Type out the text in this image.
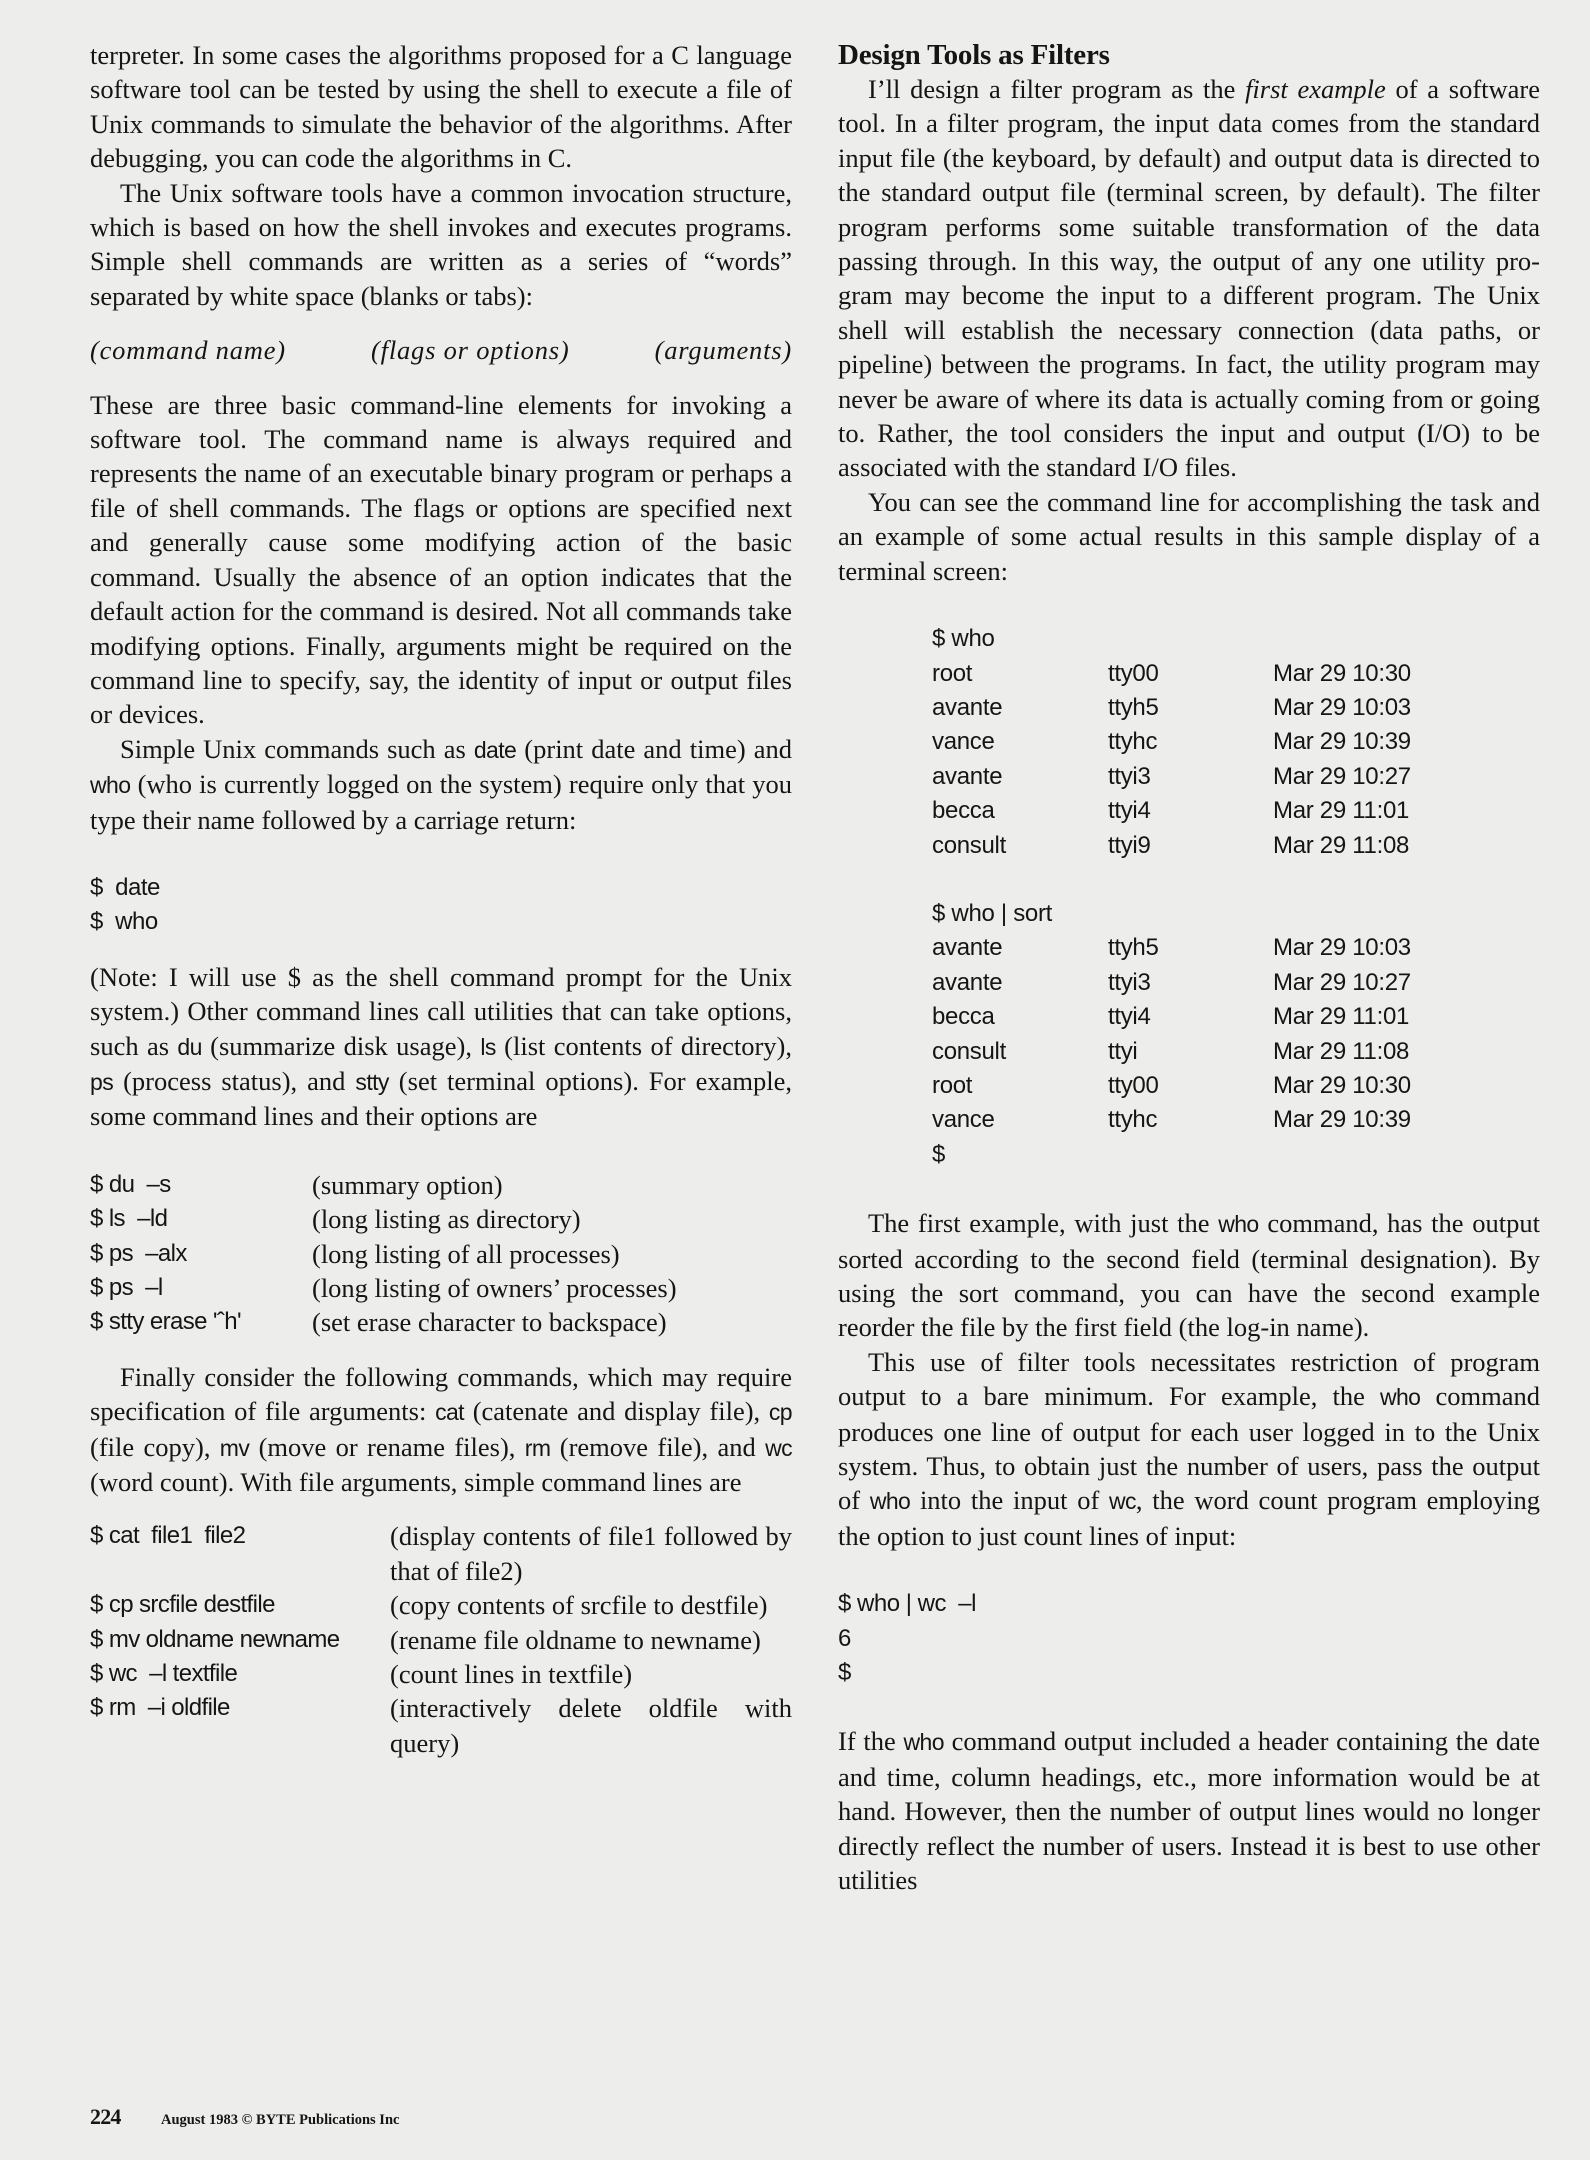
terpreter. In some cases the algorithms proposed for a C language software tool can be tested by using the shell to execute a file of Unix commands to simulate the behavior of the algorithms. After debugging, you can code the algorithms in C.

The Unix software tools have a common invocation structure, which is based on how the shell invokes and executes programs. Simple shell commands are written as a series of “words” separated by white space (blanks or tabs):

(command name)	(flags or options)	(arguments)

These are three basic command-line elements for invoking a software tool. The command name is always required and represents the name of an executable binary program or perhaps a file of shell commands. The flags or options are specified next and generally cause some modifying action of the basic command. Usually the absence of an option indicates that the default action for the command is desired. Not all commands take modifying options. Finally, arguments might be required on the command line to specify, say, the identity of input or output files or devices.

Simple Unix commands such as date (print date and time) and who (who is currently logged on the system) require only that you type their name followed by a carriage return:

$  date
$  who

(Note: I will use $ as the shell command prompt for the Unix system.) Other command lines call utilities that can take options, such as du (summarize disk usage), ls (list contents of directory), ps (process status), and stty (set terminal options). For example, some command lines and their options are

$ du  –s	(summary option)
$ ls  –ld	(long listing as directory)
$ ps  –alx	(long listing of all processes)
$ ps  –l	(long listing of owners’ processes)
$ stty erase 'ˆh'	(set erase character to backspace)

Finally consider the following commands, which may require specification of file arguments: cat (catenate and display file), cp (file copy), mv (move or rename files), rm (remove file), and wc (word count). With file arguments, simple command lines are

$ cat  file1  file2	(display contents of file1 followed by that of file2)
$ cp srcfile destfile	(copy contents of srcfile to destfile)
$ mv oldname newname	(rename file oldname to newname)
$ wc  –l textfile	(count lines in textfile)
$ rm  –i oldfile	(interactively delete oldfile with query)
Design Tools as Filters

I’ll design a filter program as the first example of a software tool. In a filter program, the input data comes from the standard input file (the keyboard, by default) and output data is directed to the standard output file (terminal screen, by default). The filter program performs some suitable transformation of the data passing through. In this way, the output of any one utility program may become the input to a different program. The Unix shell will establish the necessary connection (data paths, or pipeline) between the programs. In fact, the utility program may never be aware of where its data is actually coming from or going to. Rather, the tool considers the input and output (I/O) to be associated with the standard I/O files.

You can see the command line for accomplishing the task and an example of some actual results in this sample display of a terminal screen:

$ who
root	tty00	Mar 29 10:30
avante	ttyh5	Mar 29 10:03
vance	ttyhc	Mar 29 10:39
avante	ttyi3	Mar 29 10:27
becca	ttyi4	Mar 29 11:01
consult	ttyi9	Mar 29 11:08
$ who | sort
avante	ttyh5	Mar 29 10:03
avante	ttyi3	Mar 29 10:27
becca	ttyi4	Mar 29 11:01
consult	ttyi	Mar 29 11:08
root	tty00	Mar 29 10:30
vance	ttyhc	Mar 29 10:39
$

The first example, with just the who command, has the output sorted according to the second field (terminal designation). By using the sort command, you can have the second example reorder the file by the first field (the log-in name).

This use of filter tools necessitates restriction of program output to a bare minimum. For example, the who command produces one line of output for each user logged in to the Unix system. Thus, to obtain just the number of users, pass the output of who into the input of wc, the word count program employing the option to just count lines of input:

$ who | wc  –l
6
$

If the who command output included a header containing the date and time, column headings, etc., more information would be at hand. However, then the number of output lines would no longer directly reflect the number of users. Instead it is best to use other utilities

224	August 1983 © BYTE Publications Inc
